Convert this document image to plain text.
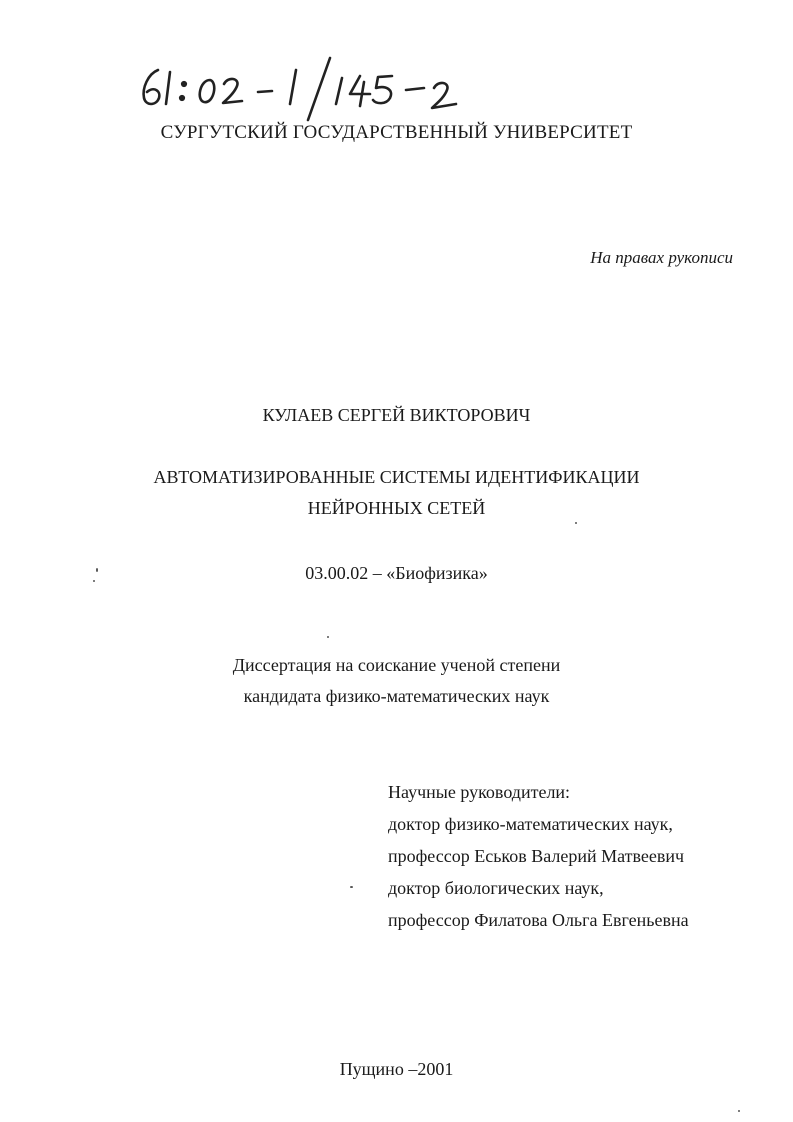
СУРГУТСКИЙ ГОСУДАРСТВЕННЫЙ УНИВЕРСИТЕТ
На правах рукописи
КУЛАЕВ СЕРГЕЙ ВИКТОРОВИЧ
АВТОМАТИЗИРОВАННЫЕ СИСТЕМЫ ИДЕНТИФИКАЦИИ
НЕЙРОННЫХ СЕТЕЙ
03.00.02 – «Биофизика»
Диссертация на соискание ученой степени
кандидата физико-математических наук
Научные руководители:
доктор физико-математических наук,
профессор Еськов Валерий Матвеевич
доктор биологических наук,
профессор Филатова Ольга Евгеньевна
Пущино –2001
